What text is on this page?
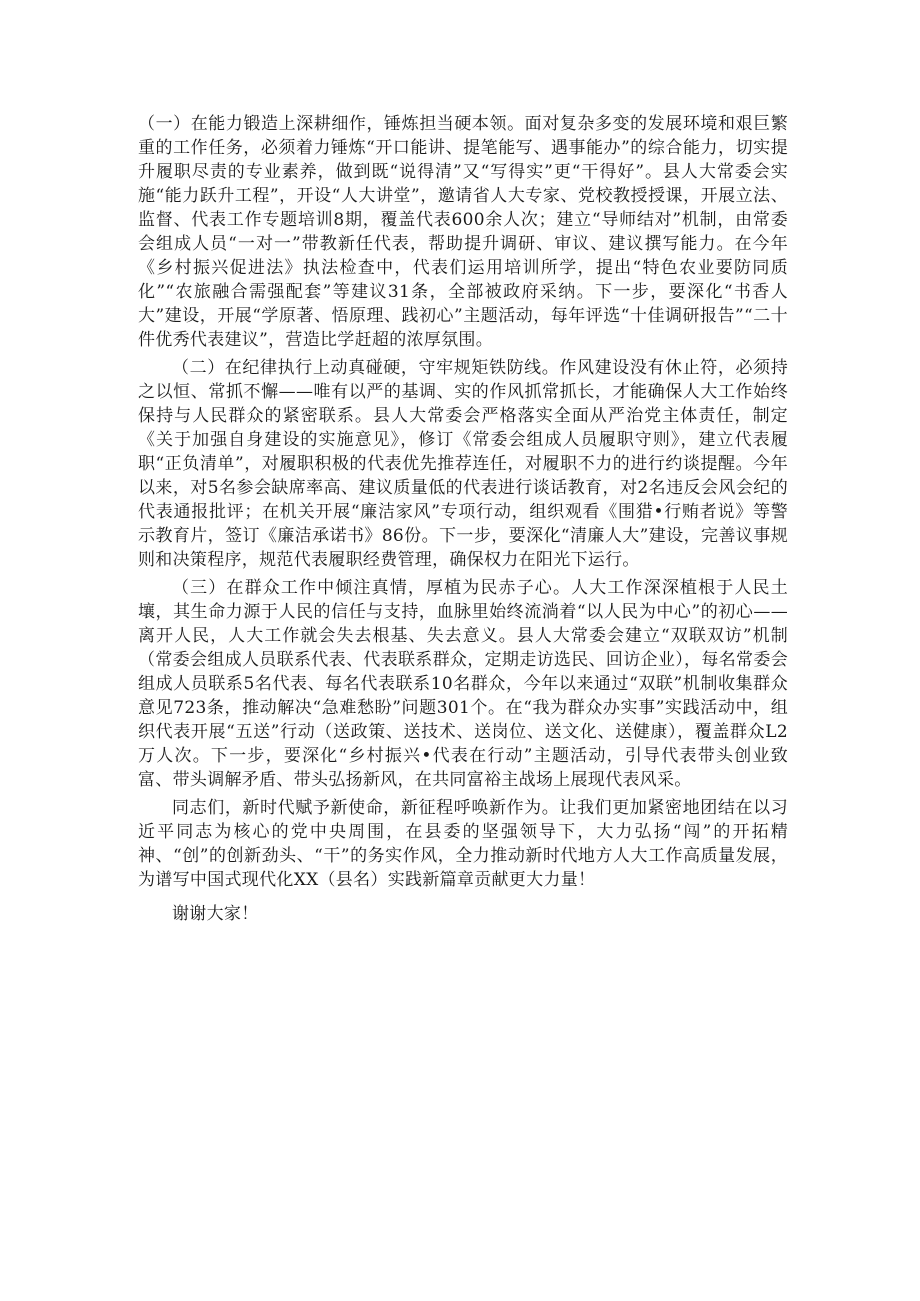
（一）在能力锻造上深耕细作，锤炼担当硬本领。面对复杂多变的发展环境和艰巨繁重的工作任务，必须着力锤炼“开口能讲、提笔能写、遇事能办”的综合能力，切实提升履职尽责的专业素养，做到既“说得清”又“写得实”更“干得好”。县人大常委会实施“能力跃升工程”，开设“人大讲堂”，邀请省人大专家、党校教授授课，开展立法、监督、代表工作专题培训8期，覆盖代表600余人次；建立“导师结对”机制，由常委会组成人员“一对一”带教新任代表，帮助提升调研、审议、建议撰写能力。在今年《乡村振兴促进法》执法检查中，代表们运用培训所学，提出“特色农业要防同质化”“农旅融合需强配套”等建议31条，全部被政府采纳。下一步，要深化“书香人大”建设，开展“学原著、悟原理、践初心”主题活动，每年评选“十佳调研报告”“二十件优秀代表建议”，营造比学赶超的浓厚氛围。

（二）在纪律执行上动真碰硬，守牢规矩铁防线。作风建设没有休止符，必须持之以恒、常抓不懈——唯有以严的基调、实的作风抓常抓长，才能确保人大工作始终保持与人民群众的紧密联系。县人大常委会严格落实全面从严治党主体责任，制定《关于加强自身建设的实施意见》，修订《常委会组成人员履职守则》，建立代表履职“正负清单”，对履职积极的代表优先推荐连任，对履职不力的进行约谈提醒。今年以来，对5名参会缺席率高、建议质量低的代表进行谈话教育，对2名违反会风会纪的代表通报批评；在机关开展“廉洁家风”专项行动，组织观看《围猎•行贿者说》等警示教育片，签订《廉洁承诺书》86份。下一步，要深化“清廉人大”建设，完善议事规则和决策程序，规范代表履职经费管理，确保权力在阳光下运行。

（三）在群众工作中倾注真情，厚植为民赤子心。人大工作深深植根于人民土壤，其生命力源于人民的信任与支持，血脉里始终流淌着“以人民为中心”的初心——离开人民，人大工作就会失去根基、失去意义。县人大常委会建立“双联双访”机制（常委会组成人员联系代表、代表联系群众，定期走访选民、回访企业），每名常委会组成人员联系5名代表、每名代表联系10名群众，今年以来通过“双联”机制收集群众意见723条，推动解决“急难愁盼”问题301个。在“我为群众办实事”实践活动中，组织代表开展“五送”行动（送政策、送技术、送岗位、送文化、送健康），覆盖群众L2万人次。下一步，要深化“乡村振兴•代表在行动”主题活动，引导代表带头创业致富、带头调解矛盾、带头弘扬新风，在共同富裕主战场上展现代表风采。

同志们，新时代赋予新使命，新征程呼唤新作为。让我们更加紧密地团结在以习近平同志为核心的党中央周围，在县委的坚强领导下，大力弘扬“闯”的开拓精神、“创”的创新劲头、“干”的务实作风，全力推动新时代地方人大工作高质量发展，为谱写中国式现代化XX（县名）实践新篇章贡献更大力量！

谢谢大家！
